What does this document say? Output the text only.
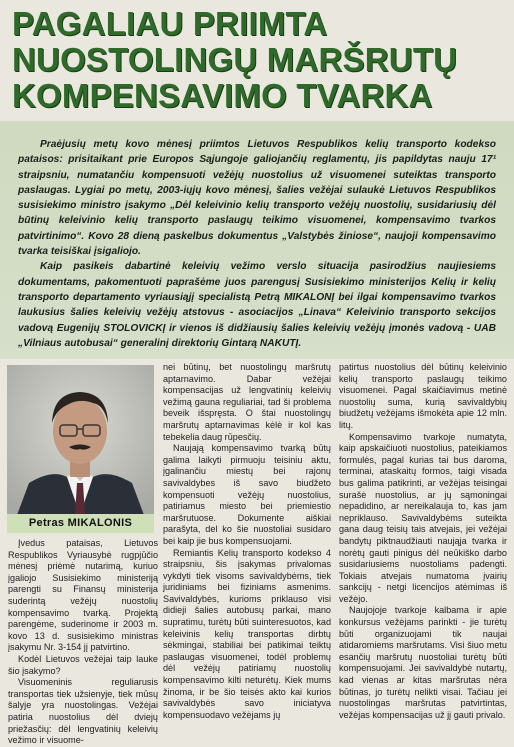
PAGALIAU PRIIMTA
NUOSTOLINGŲ MARŠRUTŲ
KOMPENSAVIMO TVARKA

Praėjusių metų kovo mėnesį priimtos Lietuvos Respublikos kelių transporto kodekso pataisos: prisitaikant prie Europos Sąjungoje galiojančių reglamentų, jis papildytas nauju 17¹ straipsniu, numatančiu kompensuoti vežėjų nuostolius už visuomenei suteiktas transporto paslaugas. Lygiai po metų, 2003-iųjų kovo mėnesį, šalies vežėjai sulaukė Lietuvos Respublikos susisiekimo ministro įsakymo „Dėl keleivinio kelių transporto vežėjų nuostolių, susidariusių dėl būtinų keleivinio kelių transporto paslaugų teikimo visuomenei, kompensavimo tvarkos patvirtinimo“. Kovo 28 dieną paskelbus dokumentus „Valstybės žiniose“, naujoji kompensavimo tvarka teisiškai įsigaliojo.

Kaip pasikeis dabartinė keleivių vežimo verslo situacija pasirodžius naujiesiems dokumentams, pakomentuoti paprašėme juos parengusį Susisiekimo ministerijos Kelių ir kelių transporto departamento vyriausiąjį specialistą Petrą MIKALONĮ bei ilgai kompensavimo tvarkos laukusius šalies keleivių vežėjų atstovus - asociacijos „Linava“ Keleivinio transporto sekcijos vadovą Eugenijų STOLOVICKĮ ir vienos iš didžiausių šalies keleivių vežėjų įmonės vadovą - UAB „Vilniaus autobusai“ generalinį direktorių Gintarą NAKUTĮ.

Petras MIKALONIS

Įvedus pataisas, Lietuvos Respublikos Vyriausybė rugpjūčio mėnesį priėmė nutarimą, kuriuo įgaliojo Susisiekimo ministeriją parengti su Finansų ministerija suderintą vežėjų nuostolių kompensavimo tvarką. Projektą parengėme, suderinome ir 2003 m. kovo 13 d. susisiekimo ministras įsakymu Nr. 3-154 jį patvirtino.

Kodėl Lietuvos vežėjai taip lauke šio įsakymo?

Visuomeninis reguliarusis transportas tiek užsienyje, tiek mūsų šalyje yra nuostolingas. Vežėjai patiria nuostolius dėl dviejų priežasčių: dėl lengvatinių keleivių vežimo ir visuome-

nei būtinų, bet nuostolingų maršrutų aptarnavimo. Dabar vežėjai kompensacijas už lengvatinių keleivių vežimą gauna reguliariai, tad ši problema beveik išspręsta. O štai nuostolingų maršrutų aptarnavimas kėlė ir kol kas tebekelia daug rūpesčių.

Naujają kompensavimo tvarką būtų galima laikyti pirmuoju teisiniu aktu, įgalinančiu miestų bei rajonų savivaldybes iš savo biudžeto kompensuoti vežėjų nuostolius, patiriamus miesto bei priemiestio maršrutuose. Dokumente aiškiai parašyta, del ko šie nuostoliai susidaro bei kaip jie bus kompensuojami.

Remiantis Kelių transporto kodekso 4 straipsniu, šis įsakymas privalomas vykdyti tiek visoms savivaldybėms, tiek juridiniams bei fiziniams asmenims. Savivaldybės, kurioms priklauso visi didieji šalies autobusų parkai, mano supratimu, turėtų būti suinteresuotos, kad keleivinis kelių transportas dirbtų sėkmingai, stabiliai bei patikimai teiktų paslaugas visuomenei, todėl problemų dėl vežėjų patiriamų nuostolių kompensavimo kilti neturėtų. Kiek mums žinoma, ir be šio teisės akto kai kurios savivaldybės savo iniciatyva kompensuodavo vežėjams jų

patirtus nuostolius dėl būtinų keleivinio kelių transporto paslaugų teikimo visuomenei. Pagal skaičiavimus metinė nuostolių suma, kurią savivaldybių biudžetų vežėjams išmokėta apie 12 mln. litų.

Kompensavimo tvarkoje numatyta, kaip apskaičiuoti nuostolius, pateikiamos formulės, pagal kurias tai bus daroma, terminai, ataskaitų formos, taigi visada bus galima patikrinti, ar vežėjas teisingai surašė nuostolius, ar jų sąmoningai nepadidino, ar nereikalauja to, kas jam nepriklauso. Savivaldybėms suteikta gana daug teisių tais atvejais, jei vežėjai bandytų piktnaudžiauti naująja tvarka ir norėtų gauti pinigus dėl neūkiško darbo susidariusiems nuostoliams padengti. Tokiais atvejais numatoma įvairių sankcijų - netgi licencijos atėmimas iš vežėjo.

Naujojoje tvarkoje kalbama ir apie konkursus vežėjams parinkti - jie turėtų būti organizuojami tik naujai atidaromiems maršrutams. Visi šiuo metu esančių maršrutų nuostoliai turėtų būti kompensuojami. Jei savivaldybė nutartų, kad vienas ar kitas maršrutas nėra būtinas, jo turėtų nelikti visai. Tačiau jei nuostolingas maršrutas patvirtintas, vežėjas kompensacijas už jį gauti privalo.
